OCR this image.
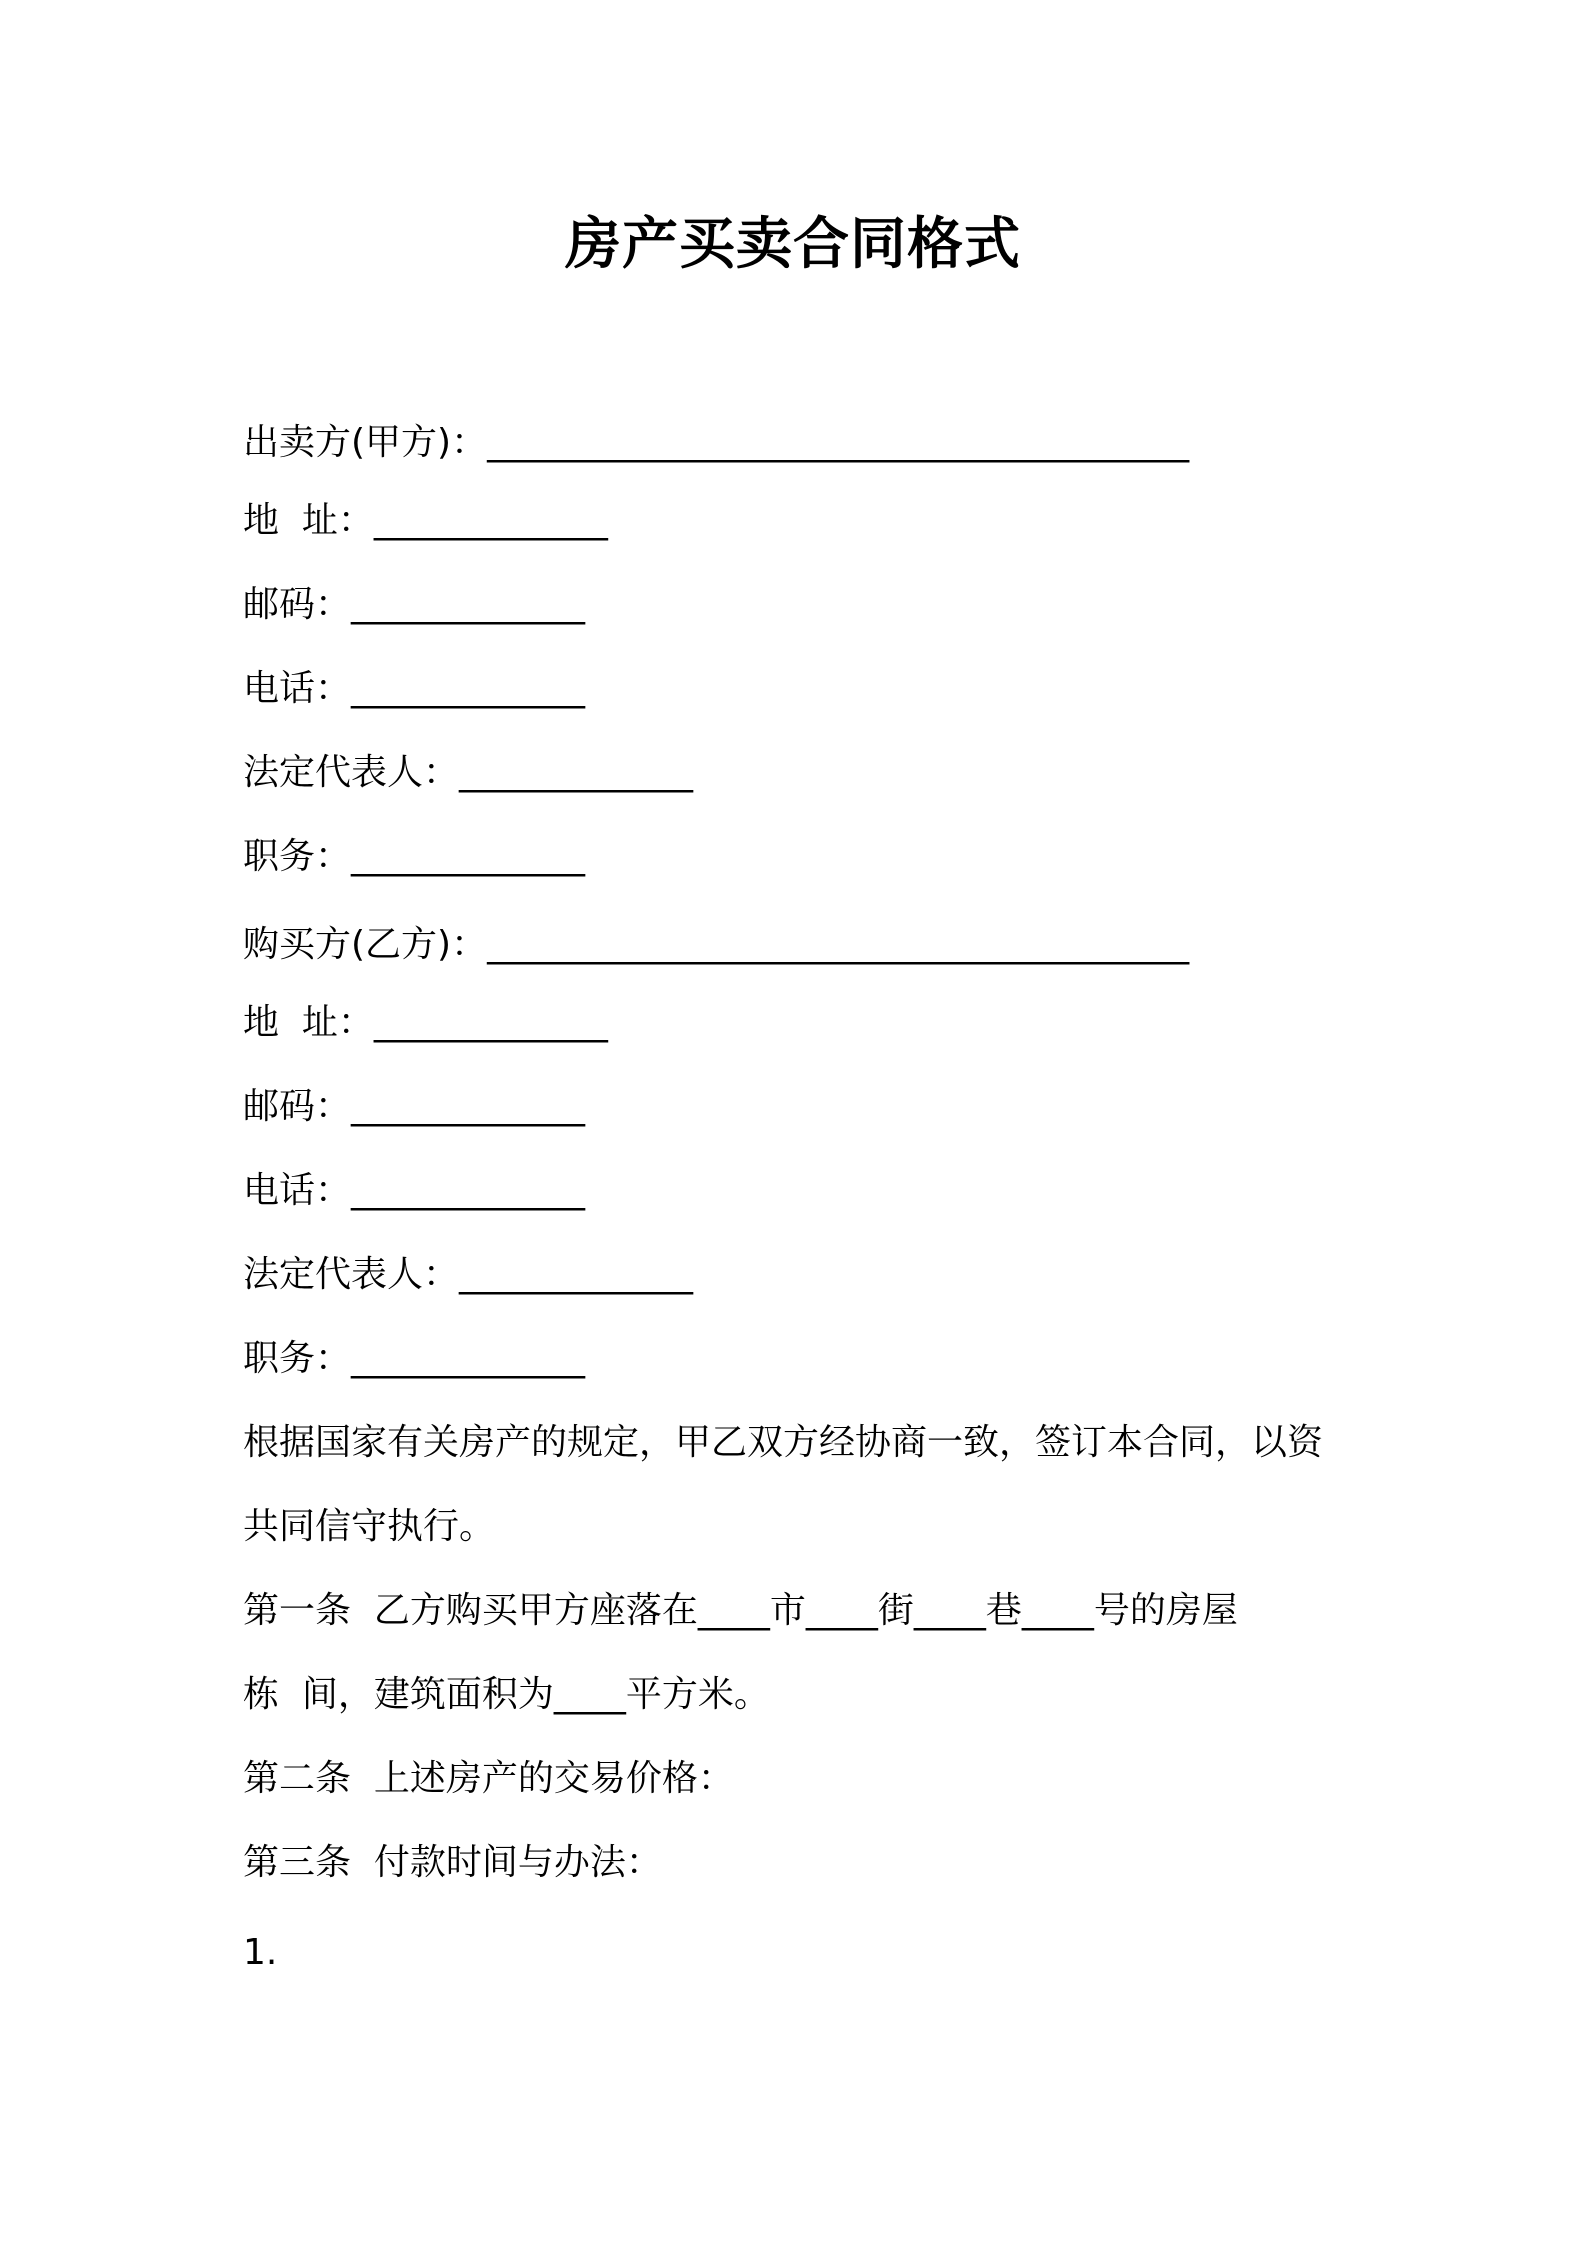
房产买卖合同格式
出卖方(甲方)：_______________________________________
地  址：_____________
邮码：_____________
电话：_____________
法定代表人：_____________
职务：_____________
购买方(乙方)：_______________________________________
地  址：_____________
邮码：_____________
电话：_____________
法定代表人：_____________
职务：_____________
根据国家有关房产的规定，甲乙双方经协商一致，签订本合同，以资
共同信守执行。
第一条  乙方购买甲方座落在____市____街____巷____号的房屋
栋  间，建筑面积为____平方米。
第二条  上述房产的交易价格：
第三条  付款时间与办法：
1.
